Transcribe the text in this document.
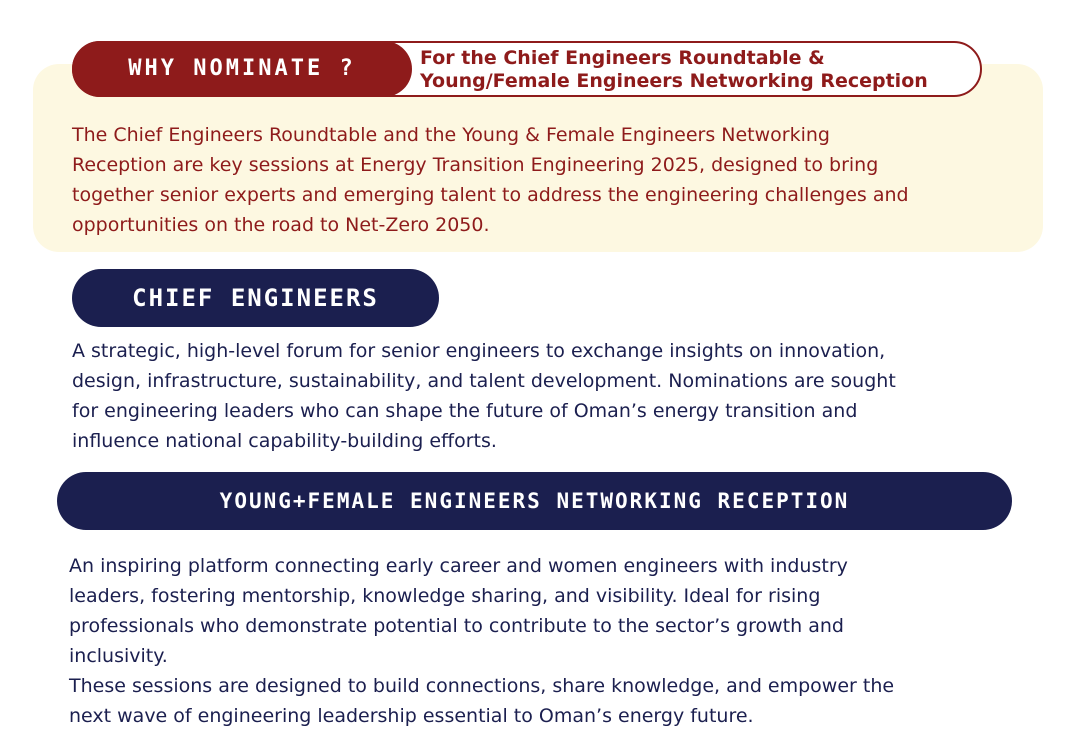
WHY NOMINATE ?	For the Chief Engineers Roundtable &
Young/Female Engineers Networking Reception

The Chief Engineers Roundtable and the Young & Female Engineers Networking
Reception are key sessions at Energy Transition Engineering 2025, designed to bring
together senior experts and emerging talent to address the engineering challenges and
opportunities on the road to Net-Zero 2050.

CHIEF ENGINEERS

A strategic, high-level forum for senior engineers to exchange insights on innovation,
design, infrastructure, sustainability, and talent development. Nominations are sought
for engineering leaders who can shape the future of Oman’s energy transition and
influence national capability-building efforts.

YOUNG+FEMALE ENGINEERS NETWORKING RECEPTION

An inspiring platform connecting early career and women engineers with industry
leaders, fostering mentorship, knowledge sharing, and visibility. Ideal for rising
professionals who demonstrate potential to contribute to the sector’s growth and
inclusivity.
These sessions are designed to build connections, share knowledge, and empower the
next wave of engineering leadership essential to Oman’s energy future.
